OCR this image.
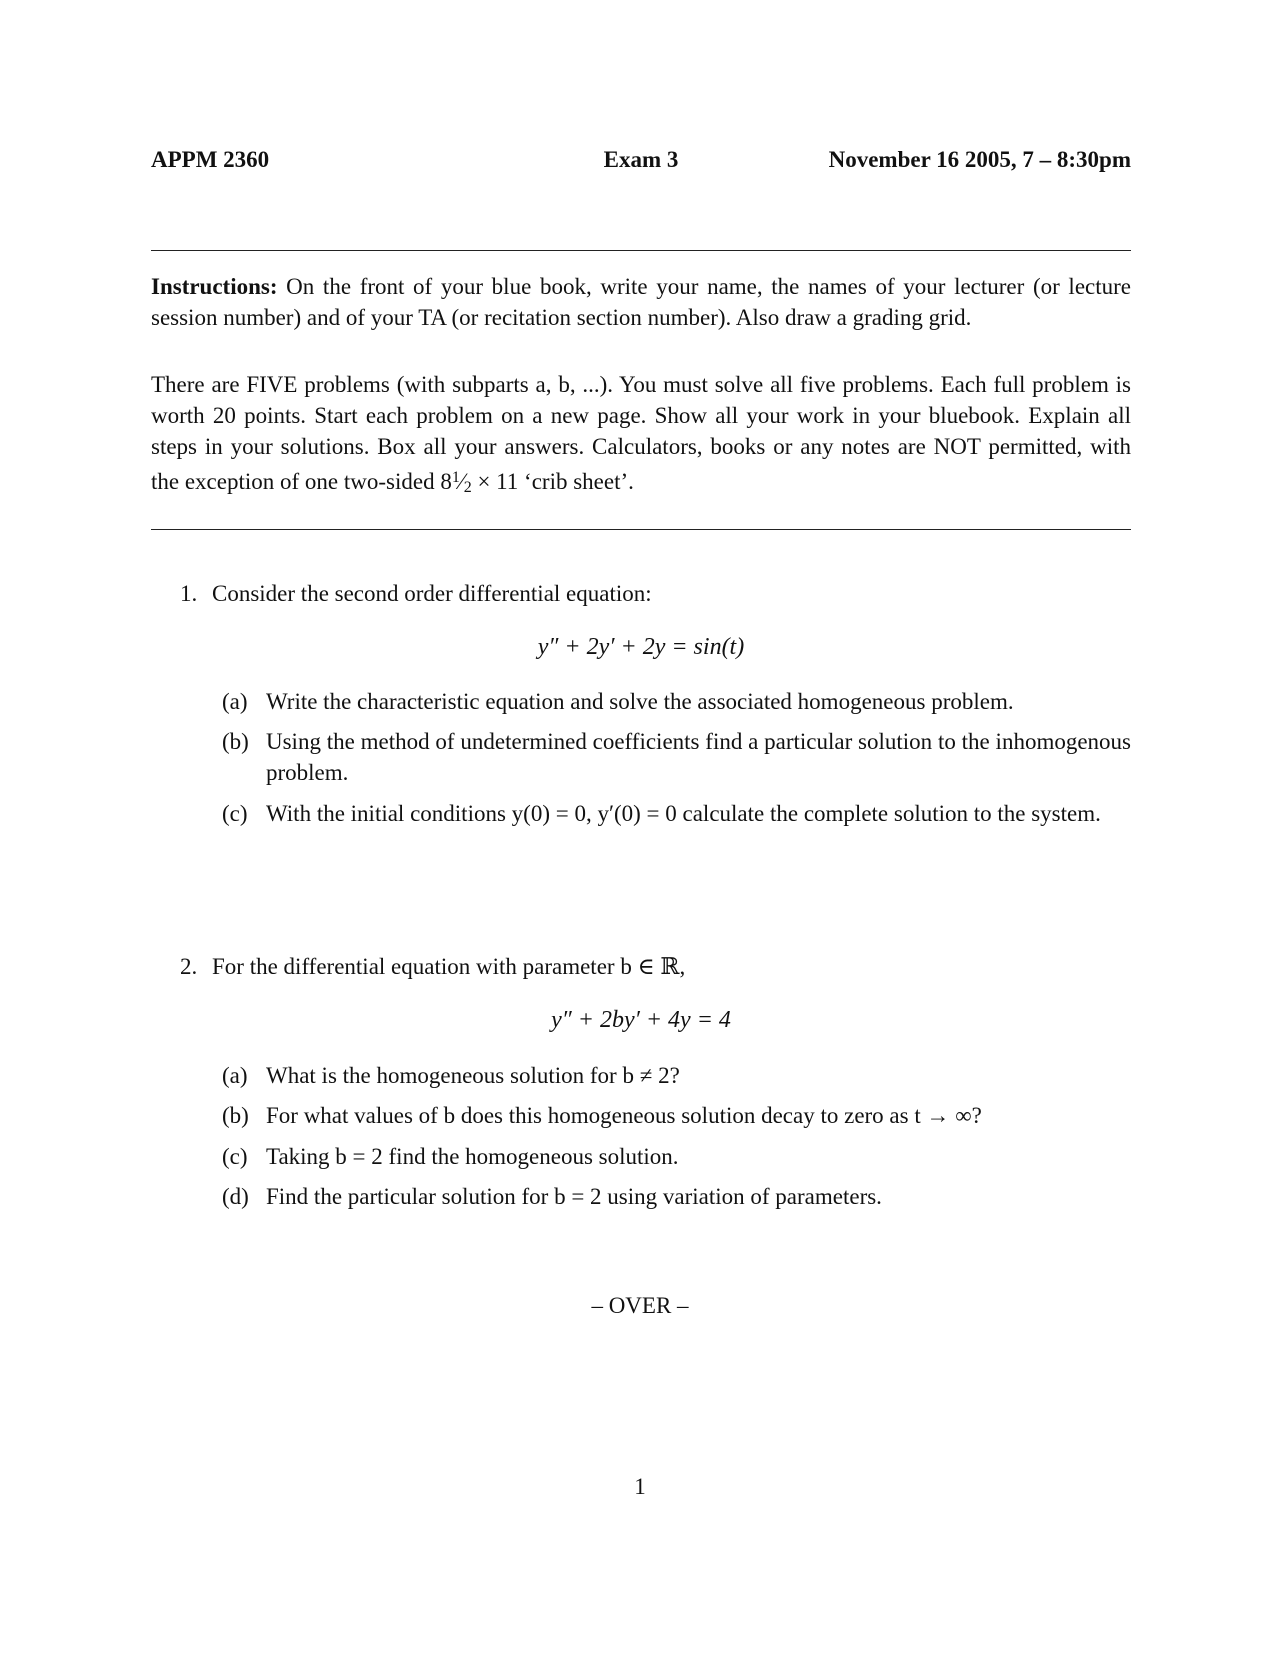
APPM 2360	Exam 3	November 16 2005, 7 – 8:30pm
Instructions: On the front of your blue book, write your name, the names of your lecturer (or lecture session number) and of your TA (or recitation section number). Also draw a grading grid.
There are FIVE problems (with subparts a, b, ...). You must solve all five problems. Each full problem is worth 20 points. Start each problem on a new page. Show all your work in your bluebook. Explain all steps in your solutions. Box all your answers. Calculators, books or any notes are NOT permitted, with the exception of one two-sided $8^1⁄2 \times 11$ ‘crib sheet’.
1. Consider the second order differential equation:
y″ + 2y′ + 2y = sin(t)
(a) Write the characteristic equation and solve the associated homogeneous problem.
(b) Using the method of undetermined coefficients find a particular solution to the inhomogenous problem.
(c) With the initial conditions y(0) = 0, y′(0) = 0 calculate the complete solution to the system.
2. For the differential equation with parameter b ∈ ℝ,
y″ + 2by′ + 4y = 4
(a) What is the homogeneous solution for b ≠ 2?
(b) For what values of b does this homogeneous solution decay to zero as t → ∞?
(c) Taking b = 2 find the homogeneous solution.
(d) Find the particular solution for b = 2 using variation of parameters.
– OVER –
1
